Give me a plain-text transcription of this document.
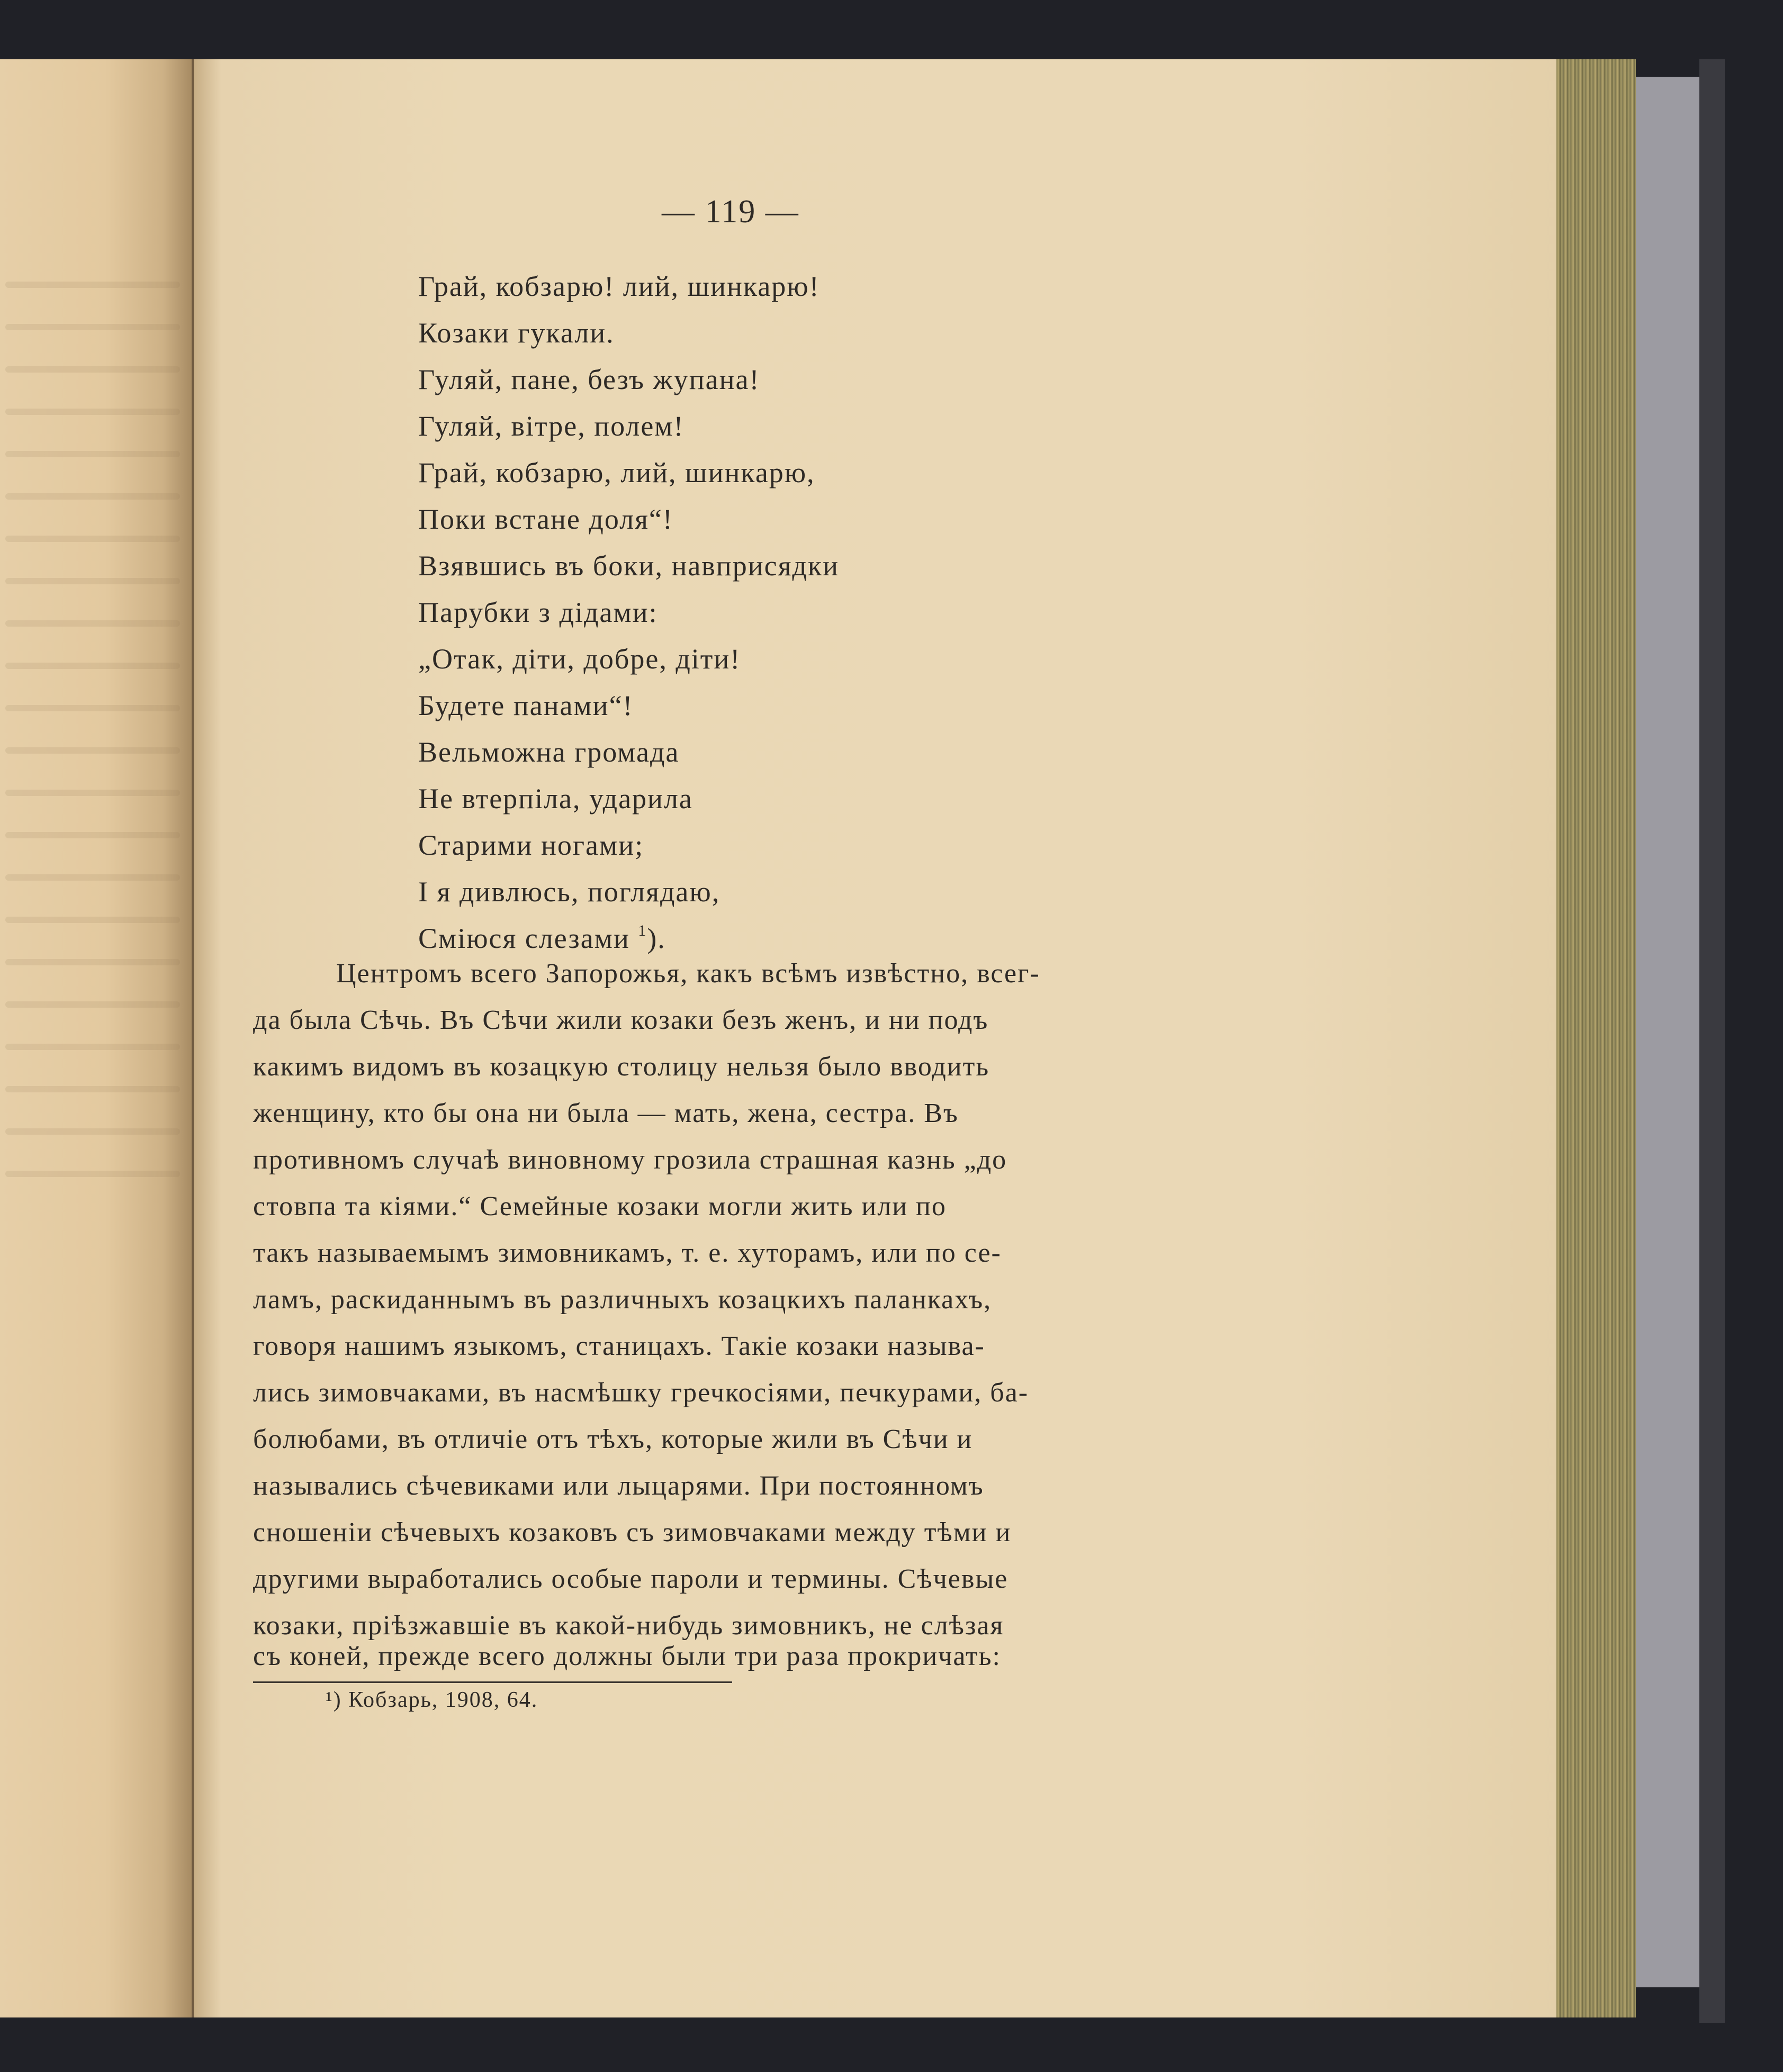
— 119 —
Грай, кобзарю! лий, шинкарю!
Козаки гукали.
Гуляй, пане, безъ жупана!
Гуляй, вітре, полем!
Грай, кобзарю, лий, шинкарю,
Поки встане доля“!
Взявшись въ боки, навприсядки
Парубки з дідами:
„Отак, діти, добре, діти!
Будете панами“!
Вельможна громада
Не втерпіла, ударила
Старими ногами;
І я дивлюсь, поглядаю,
Сміюся слезами $^1$).
Центромъ всего Запорожья, какъ всѣмъ извѣстно, всег-
да была Сѣчь. Въ Сѣчи жили козаки безъ женъ, и ни подъ
какимъ видомъ въ козацкую столицу нельзя было вводить
женщину, кто бы она ни была — мать, жена, сестра. Въ
противномъ случаѣ виновному грозила страшная казнь „до
стовпа та кіями.“ Семейные козаки могли жить или по
такъ называемымъ зимовникамъ, т. е. хуторамъ, или по се-
ламъ, раскиданнымъ въ различныхъ козацкихъ паланкахъ,
говоря нашимъ языкомъ, станицахъ. Такіе козаки называ-
лись зимовчаками, въ насмѣшку гречкосіями, печкурами, ба-
болюбами, въ отличіе отъ тѣхъ, которые жили въ Сѣчи и
назывались сѣчевиками или лыцарями. При постоянномъ
сношеніи сѣчевыхъ козаковъ съ зимовчаками между тѣми и
другими выработались особые пароли и термины. Сѣчевые
козаки, пріѣзжавшіе въ какой-нибудь зимовникъ, не слѣзая
съ коней, прежде всего должны были три раза прокричать:
¹) Кобзарь, 1908, 64.
